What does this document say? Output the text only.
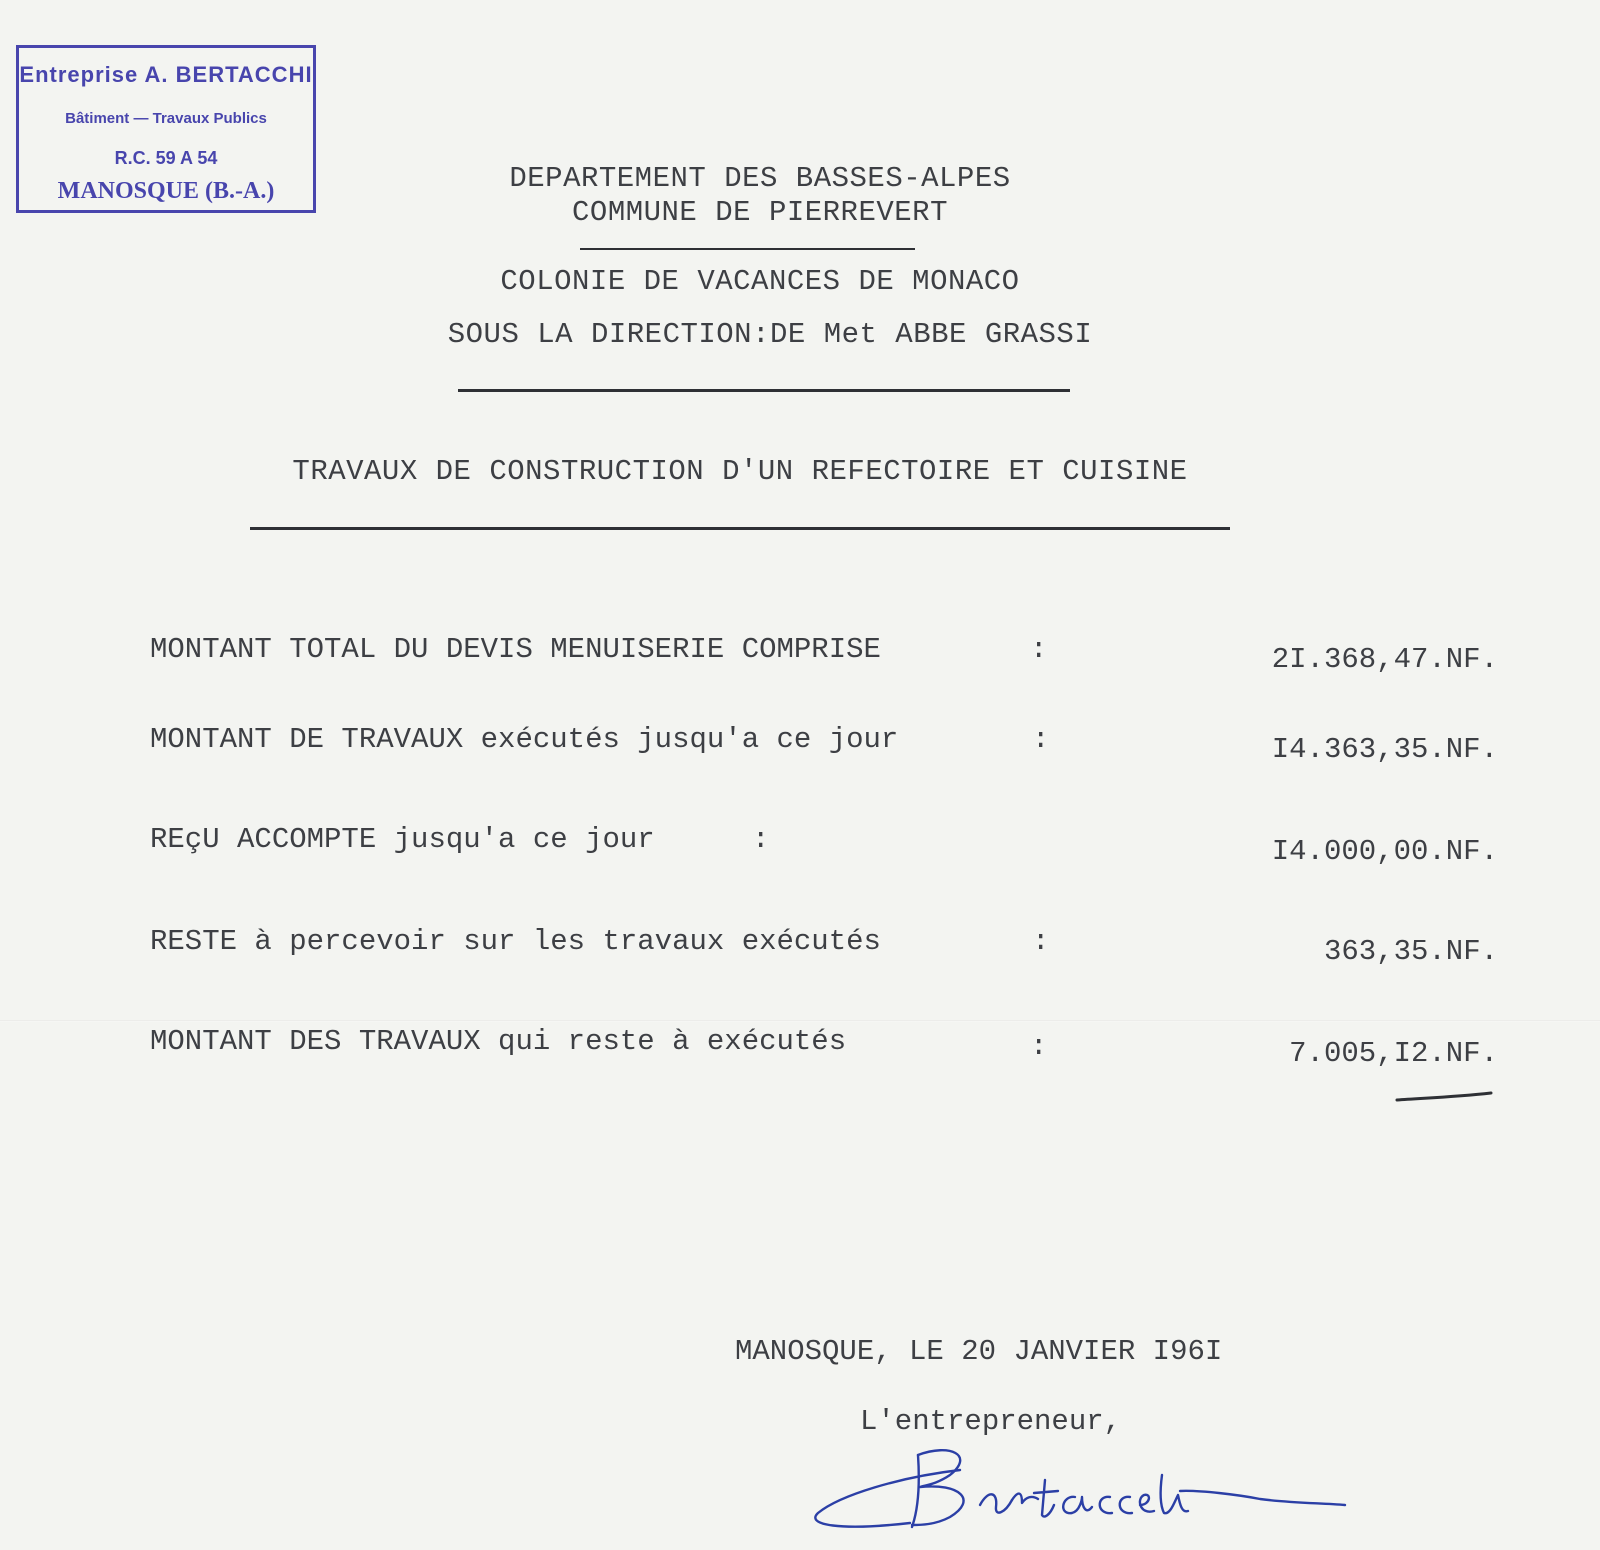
Entreprise A. BERTACCHI
Bâtiment — Travaux Publics
R.C. 59 A 54
MANOSQUE (B.-A.)	DEPARTEMENT DES BASSES-ALPES
COMMUNE DE PIERREVERT
COLONIE DE VACANCES DE MONACO
SOUS LA DIRECTION:DE Met ABBE GRASSI
TRAVAUX DE CONSTRUCTION D'UN REFECTOIRE ET CUISINE
MONTANT TOTAL DU DEVIS MENUISERIE COMPRISE	:	2I.368,47.NF.
MONTANT DE TRAVAUX exécutés jusqu'a ce jour	:	I4.363,35.NF.
REçU ACCOMPTE jusqu'a ce jour	:	I4.000,00.NF.
RESTE à percevoir sur les travaux exécutés	:	363,35.NF.
MONTANT DES TRAVAUX qui reste à exécutés	:	7.005,I2.NF.
MANOSQUE, LE 20 JANVIER I96I
L'entrepreneur,
